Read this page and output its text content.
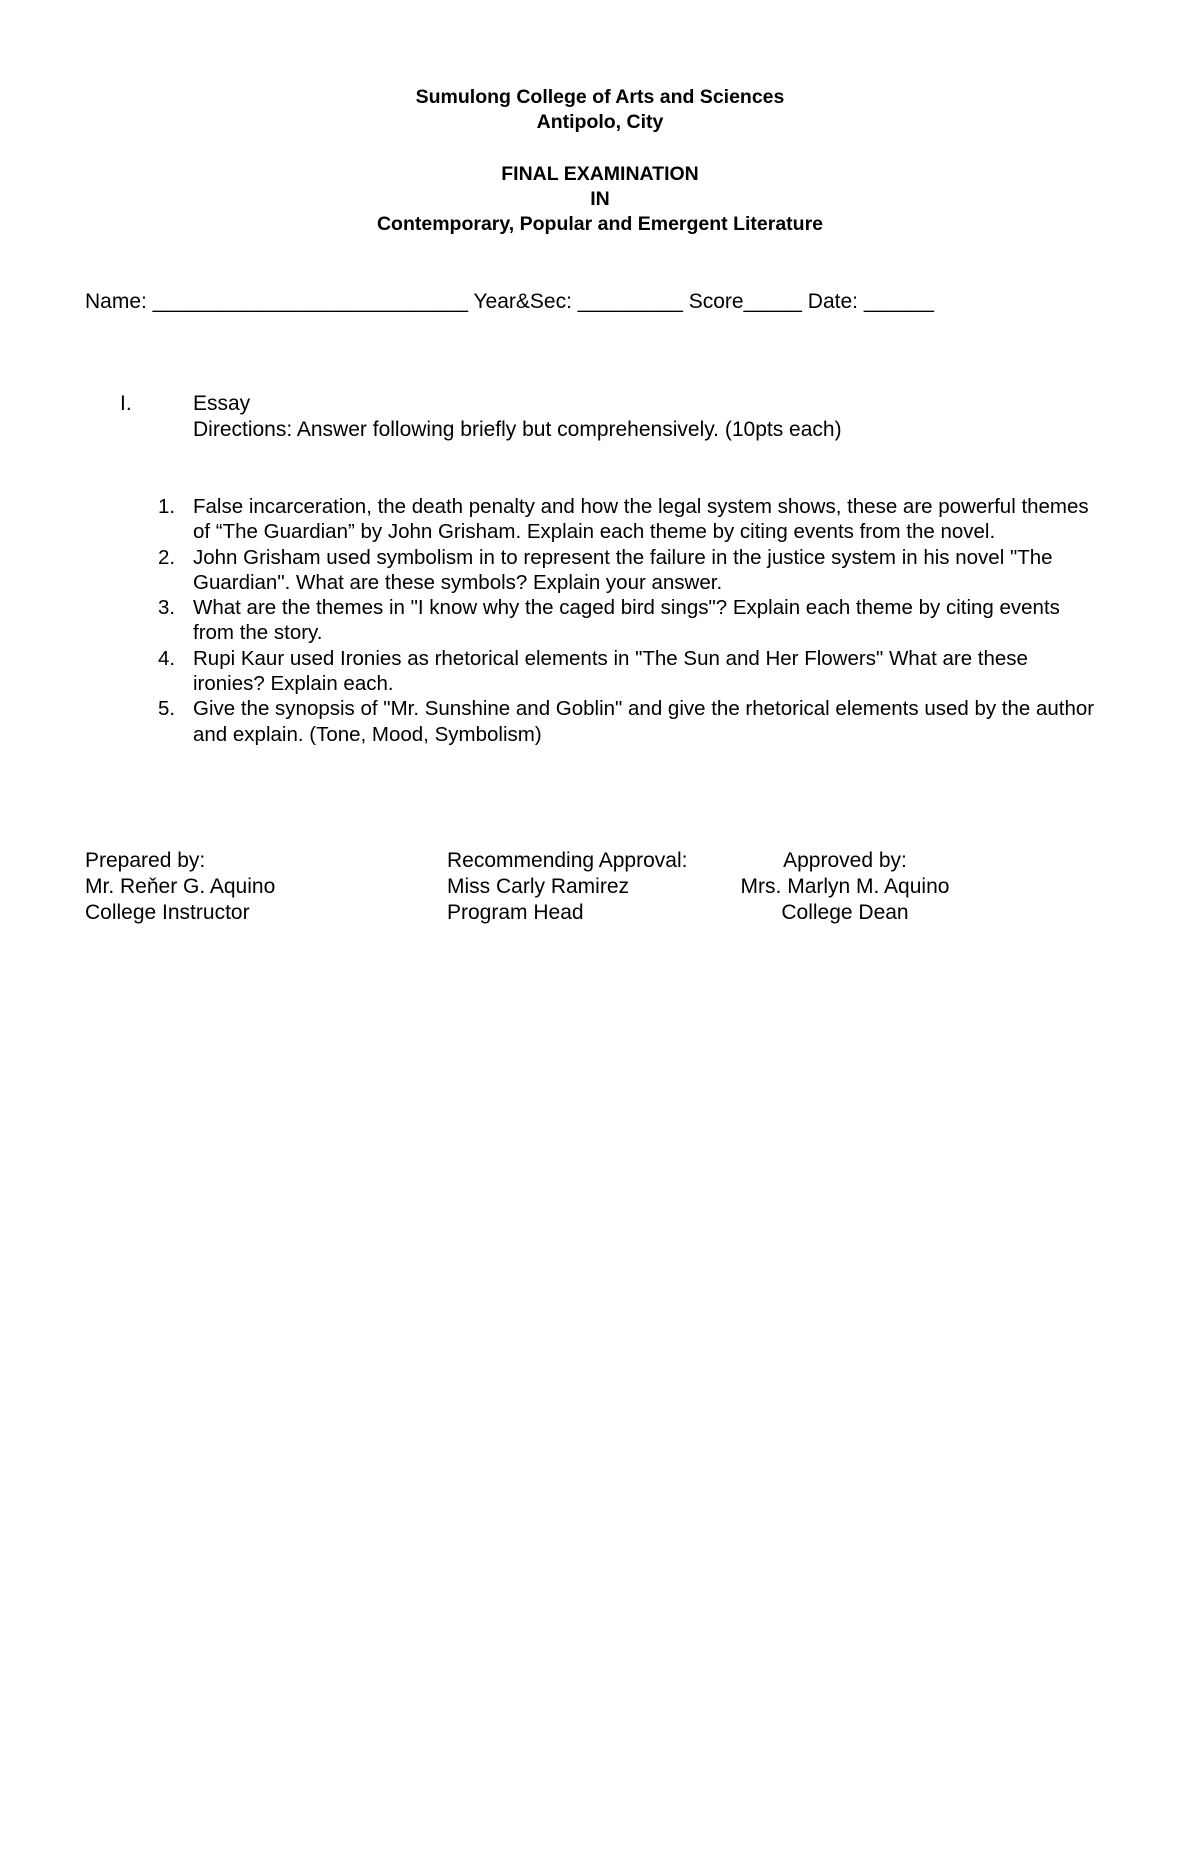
Sumulong College of Arts and Sciences
Antipolo, City
FINAL EXAMINATION
IN
Contemporary, Popular and Emergent Literature
Name: ___________________________ Year&Sec: _________ Score_____ Date: ______
I.	Essay
Directions: Answer following briefly but comprehensively. (10pts each)
1. False incarceration, the death penalty and how the legal system shows, these are powerful themes of “The Guardian” by John Grisham. Explain each theme by citing events from the novel.
2. John Grisham used symbolism in to represent the failure in the justice system in his novel "The Guardian". What are these symbols? Explain your answer.
3. What are the themes in "I know why the caged bird sings"? Explain each theme by citing events from the story.
4. Rupi Kaur used Ironies as rhetorical elements in "The Sun and Her Flowers" What are these ironies? Explain each.
5. Give the synopsis of "Mr. Sunshine and Goblin" and give the rhetorical elements used by the author and explain. (Tone, Mood, Symbolism)
Prepared by:
Mr. Reňer G. Aquino
College Instructor
Recommending Approval:
Miss Carly Ramirez
Program Head
Approved by:
Mrs. Marlyn M. Aquino
College Dean
